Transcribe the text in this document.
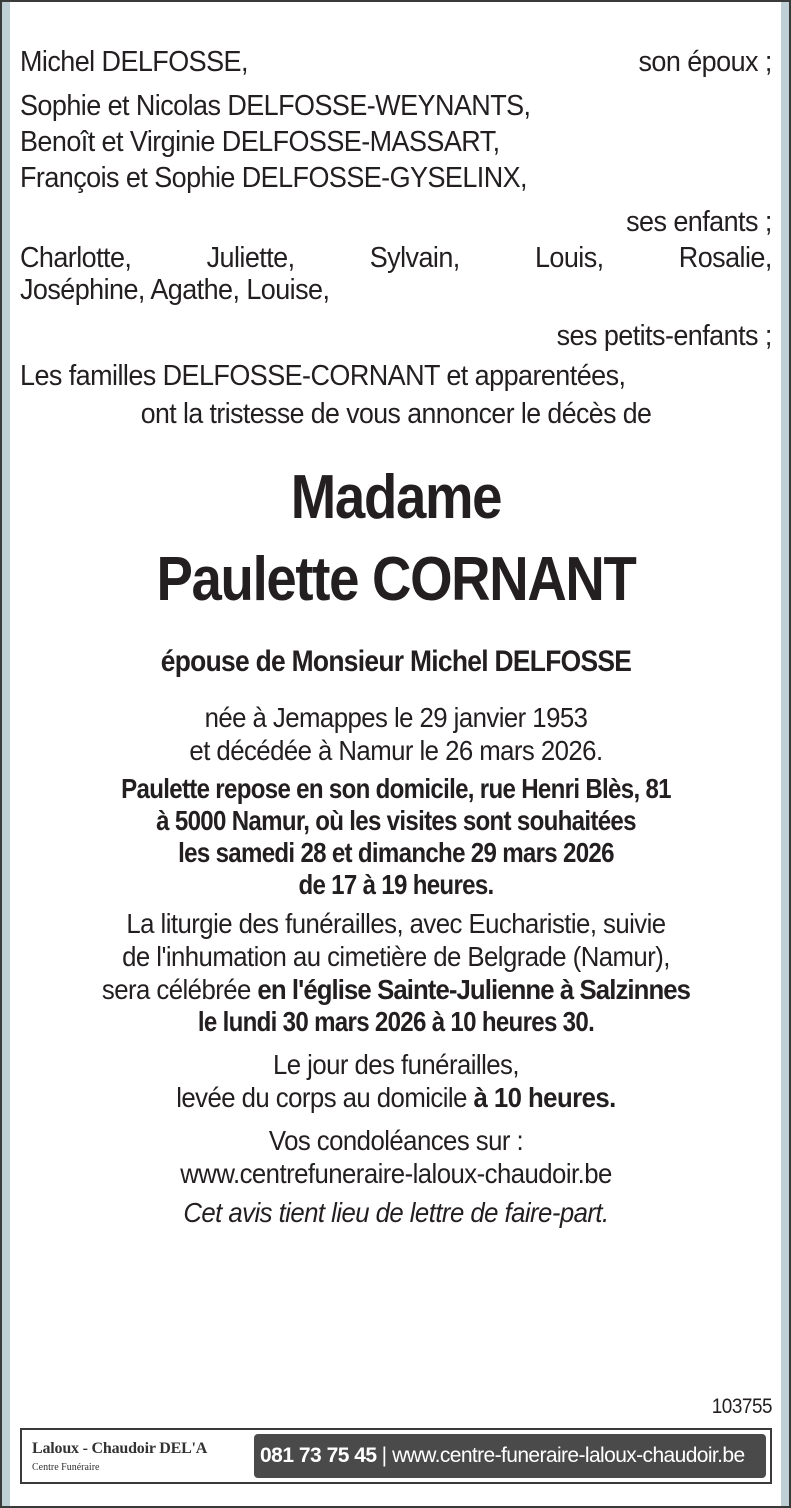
Michel DELFOSSE,	son époux ;
Sophie et Nicolas DELFOSSE-WEYNANTS,
Benoît et Virginie DELFOSSE-MASSART,
François et Sophie DELFOSSE-GYSELINX,
ses enfants ;
Charlotte,	Juliette,	Sylvain,	Louis,	Rosalie,
Joséphine, Agathe, Louise,
ses petits-enfants ;
Les familles DELFOSSE-CORNANT et apparentées,
ont la tristesse de vous annoncer le décès de
Madame
Paulette CORNANT
épouse de Monsieur Michel DELFOSSE
née à Jemappes le 29 janvier 1953
et décédée à Namur le 26 mars 2026.
Paulette repose en son domicile, rue Henri Blès, 81
à 5000 Namur, où les visites sont souhaitées
les samedi 28 et dimanche 29 mars 2026
de 17 à 19 heures.
La liturgie des funérailles, avec Eucharistie, suivie
de l'inhumation au cimetière de Belgrade (Namur),
sera célébrée en l'église Sainte-Julienne à Salzinnes
le lundi 30 mars 2026 à 10 heures 30.
Le jour des funérailles,
levée du corps au domicile à 10 heures.
Vos condoléances sur :
www.centrefuneraire-laloux-chaudoir.be
Cet avis tient lieu de lettre de faire-part.
103755
Laloux - Chaudoir DEL'A
Centre Funéraire	081 73 75 45 | www.centre-funeraire-laloux-chaudoir.be
